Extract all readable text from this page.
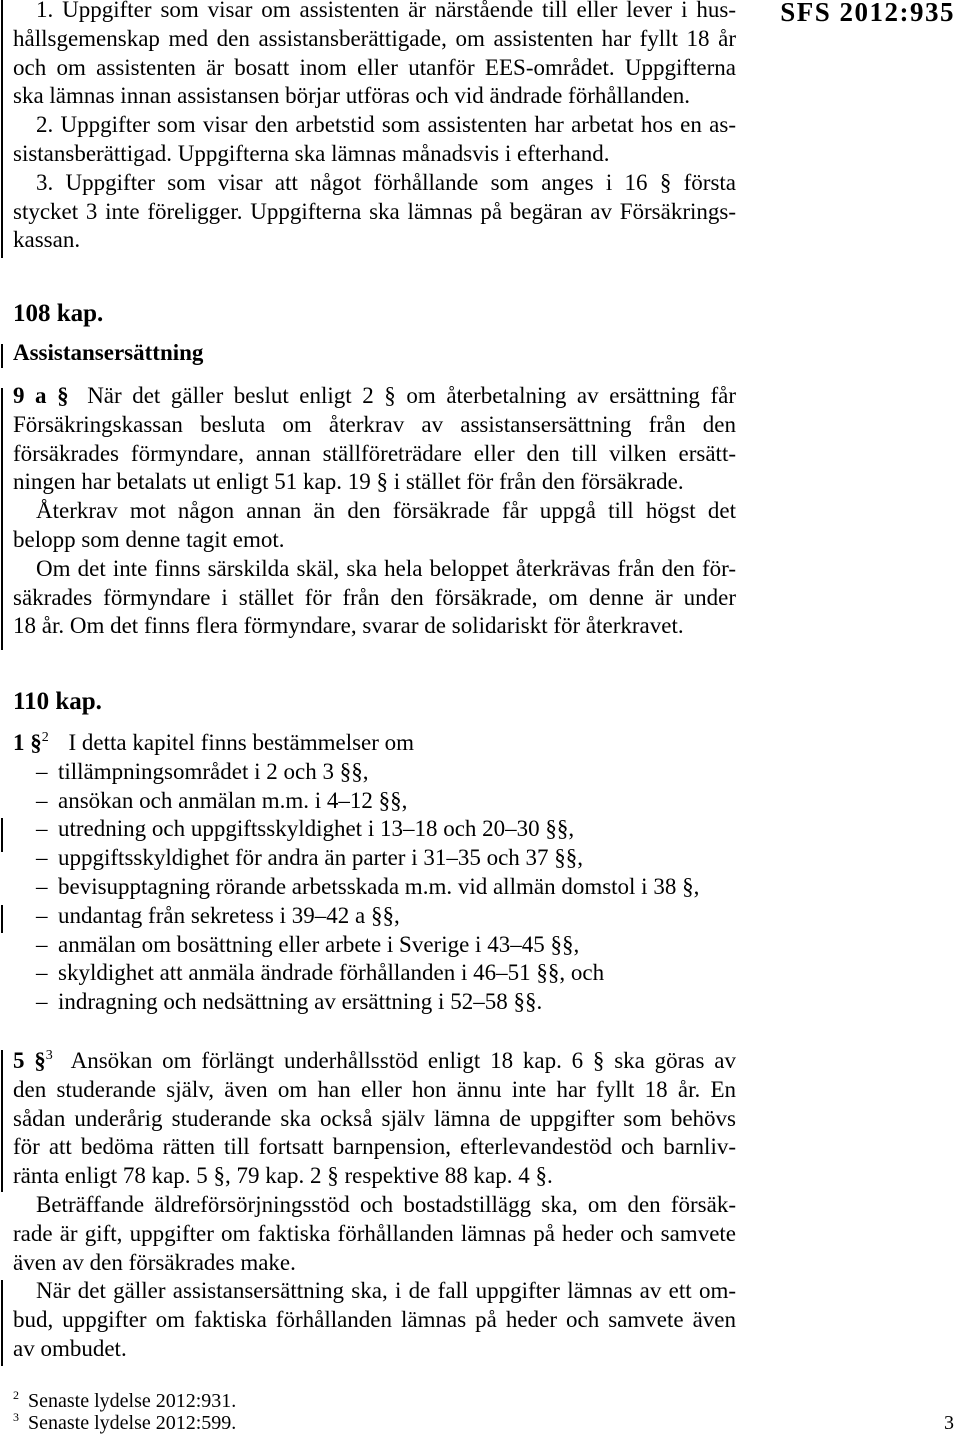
SFS 2012:935
1. Uppgifter som visar om assistenten är närstående till eller lever i hus-
hållsgemenskap med den assistansberättigade, om assistenten har fyllt 18 år
och om assistenten är bosatt inom eller utanför EES-området. Uppgifterna
ska lämnas innan assistansen börjar utföras och vid ändrade förhållanden.
2. Uppgifter som visar den arbetstid som assistenten har arbetat hos en as-
sistansberättigad. Uppgifterna ska lämnas månadsvis i efterhand.
3. Uppgifter som visar att något förhållande som anges i 16 § första
stycket 3 inte föreligger. Uppgifterna ska lämnas på begäran av Försäkrings-
kassan.
108 kap.
Assistansersättning
9 a § När det gäller beslut enligt 2 § om återbetalning av ersättning får
Försäkringskassan besluta om återkrav av assistansersättning från den
försäkrades förmyndare, annan ställföreträdare eller den till vilken ersätt-
ningen har betalats ut enligt 51 kap. 19 § i stället för från den försäkrade.
Återkrav mot någon annan än den försäkrade får uppgå till högst det
belopp som denne tagit emot.
Om det inte finns särskilda skäl, ska hela beloppet återkrävas från den för-
säkrades förmyndare i stället för från den försäkrade, om denne är under
18 år. Om det finns flera förmyndare, svarar de solidariskt för återkravet.
110 kap.
1 §$^2$ I detta kapitel finns bestämmelser om
– tillämpningsområdet i 2 och 3 §§,
– ansökan och anmälan m.m. i 4–12 §§,
– utredning och uppgiftsskyldighet i 13–18 och 20–30 §§,
– uppgiftsskyldighet för andra än parter i 31–35 och 37 §§,
– bevisupptagning rörande arbetsskada m.m. vid allmän domstol i 38 §,
– undantag från sekretess i 39–42 a §§,
– anmälan om bosättning eller arbete i Sverige i 43–45 §§,
– skyldighet att anmäla ändrade förhållanden i 46–51 §§, och
– indragning och nedsättning av ersättning i 52–58 §§.
5 §$^3$ Ansökan om förlängt underhållsstöd enligt 18 kap. 6 § ska göras av
den studerande själv, även om han eller hon ännu inte har fyllt 18 år. En
sådan underårig studerande ska också själv lämna de uppgifter som behövs
för att bedöma rätten till fortsatt barnpension, efterlevandestöd och barnliv-
ränta enligt 78 kap. 5 §, 79 kap. 2 § respektive 88 kap. 4 §.
Beträffande äldreförsörjningsstöd och bostadstillägg ska, om den försäk-
rade är gift, uppgifter om faktiska förhållanden lämnas på heder och samvete
även av den försäkrades make.
När det gäller assistansersättning ska, i de fall uppgifter lämnas av ett om-
bud, uppgifter om faktiska förhållanden lämnas på heder och samvete även
av ombudet.
2 Senaste lydelse 2012:931.
3 Senaste lydelse 2012:599.	3
